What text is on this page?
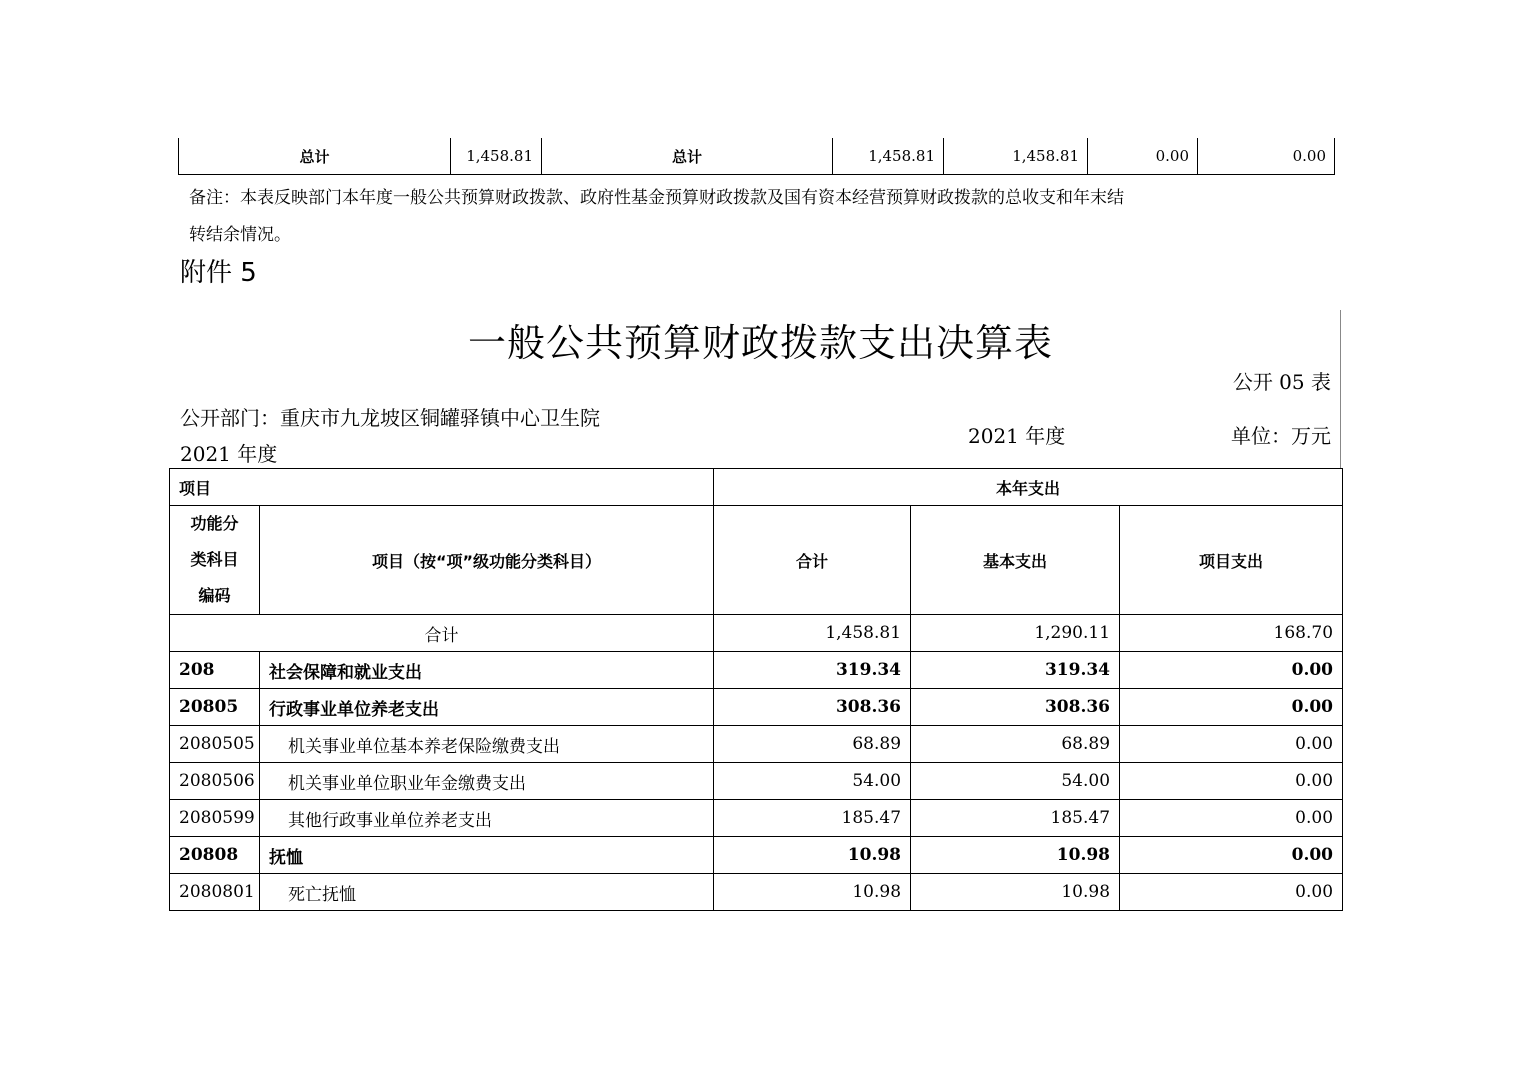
总计	1,458.81	总计	1,458.81	1,458.81	0.00	0.00
备注：本表反映部门本年度一般公共预算财政拨款、政府性基金预算财政拨款及国有资本经营预算财政拨款的总收支和年末结
转结余情况。
附件 5
一般公共预算财政拨款支出决算表
公开 05 表
公开部门：重庆市九龙坡区铜罐驿镇中心卫生院
2021 年度
2021 年度	单位：万元
项目		本年支出		

功能分
类科目
编码	项目（按“项”级功能分类科目）	合计	基本支出	项目支出
合计		1,458.81	1,290.11	168.70
208	社会保障和就业支出	319.34	319.34	0.00
20805	行政事业单位养老支出	308.36	308.36	0.00
2080505	机关事业单位基本养老保险缴费支出	68.89	68.89	0.00
2080506	机关事业单位职业年金缴费支出	54.00	54.00	0.00
2080599	其他行政事业单位养老支出	185.47	185.47	0.00
20808	抚恤	10.98	10.98	0.00
2080801	死亡抚恤	10.98	10.98	0.00
